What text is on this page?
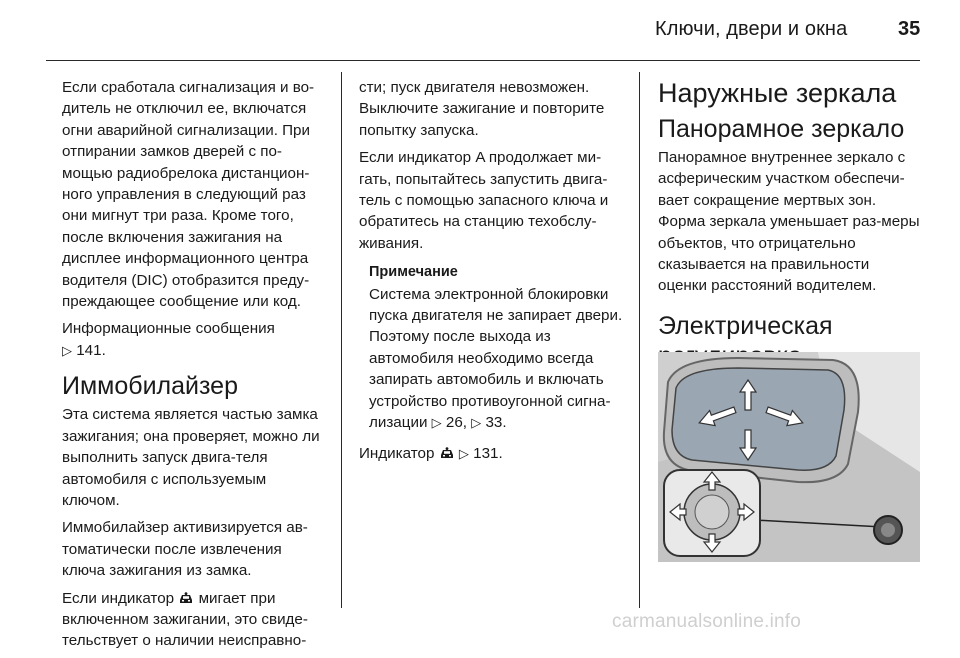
Ключи, двери и окна	35

Если сработала сигнализация и во-дитель не отключил ее, включатся огни аварийной сигнализации. При отпирании замков дверей с по-мощью радиобрелока дистанцион-ного управления в следующий раз они мигнут три раза. Кроме того, после включения зажигания на дисплее информационного центра водителя (DIC) отобразится преду-преждающее сообщение или код.

Информационные сообщения
▷ 141.

Иммобилайзер

Эта система является частью замка зажигания; она проверяет, можно ли выполнить запуск двига-теля автомобиля с используемым ключом.

Иммобилайзер активизируется ав-томатически после извлечения ключа зажигания из замка.

Если индикатор мигает при включенном зажигании, это свиде-тельствует о наличии неисправно-

сти; пуск двигателя невозможен. Выключите зажигание и повторите попытку запуска.

Если индикатор A продолжает ми-гать, попытайтесь запустить двига-тель с помощью запасного ключа и обратитесь на станцию техобслу-живания.

Примечание
Система электронной блокировки пуска двигателя не запирает двери. Поэтому после выхода из автомобиля необходимо всегда запирать автомобиль и включать устройство противоугонной сигна-лизации ▷ 26, ▷ 33.

Индикатор ▷ 131.

Наружные зеркала
Панорамное зеркало

Панорамное внутреннее зеркало с асферическим участком обеспечи-вает сокращение мертвых зон. Форма зеркала уменьшает раз-меры объектов, что отрицательно сказывается на правильности оценки расстояний водителем.

Электрическая
carmanualsonline.info
